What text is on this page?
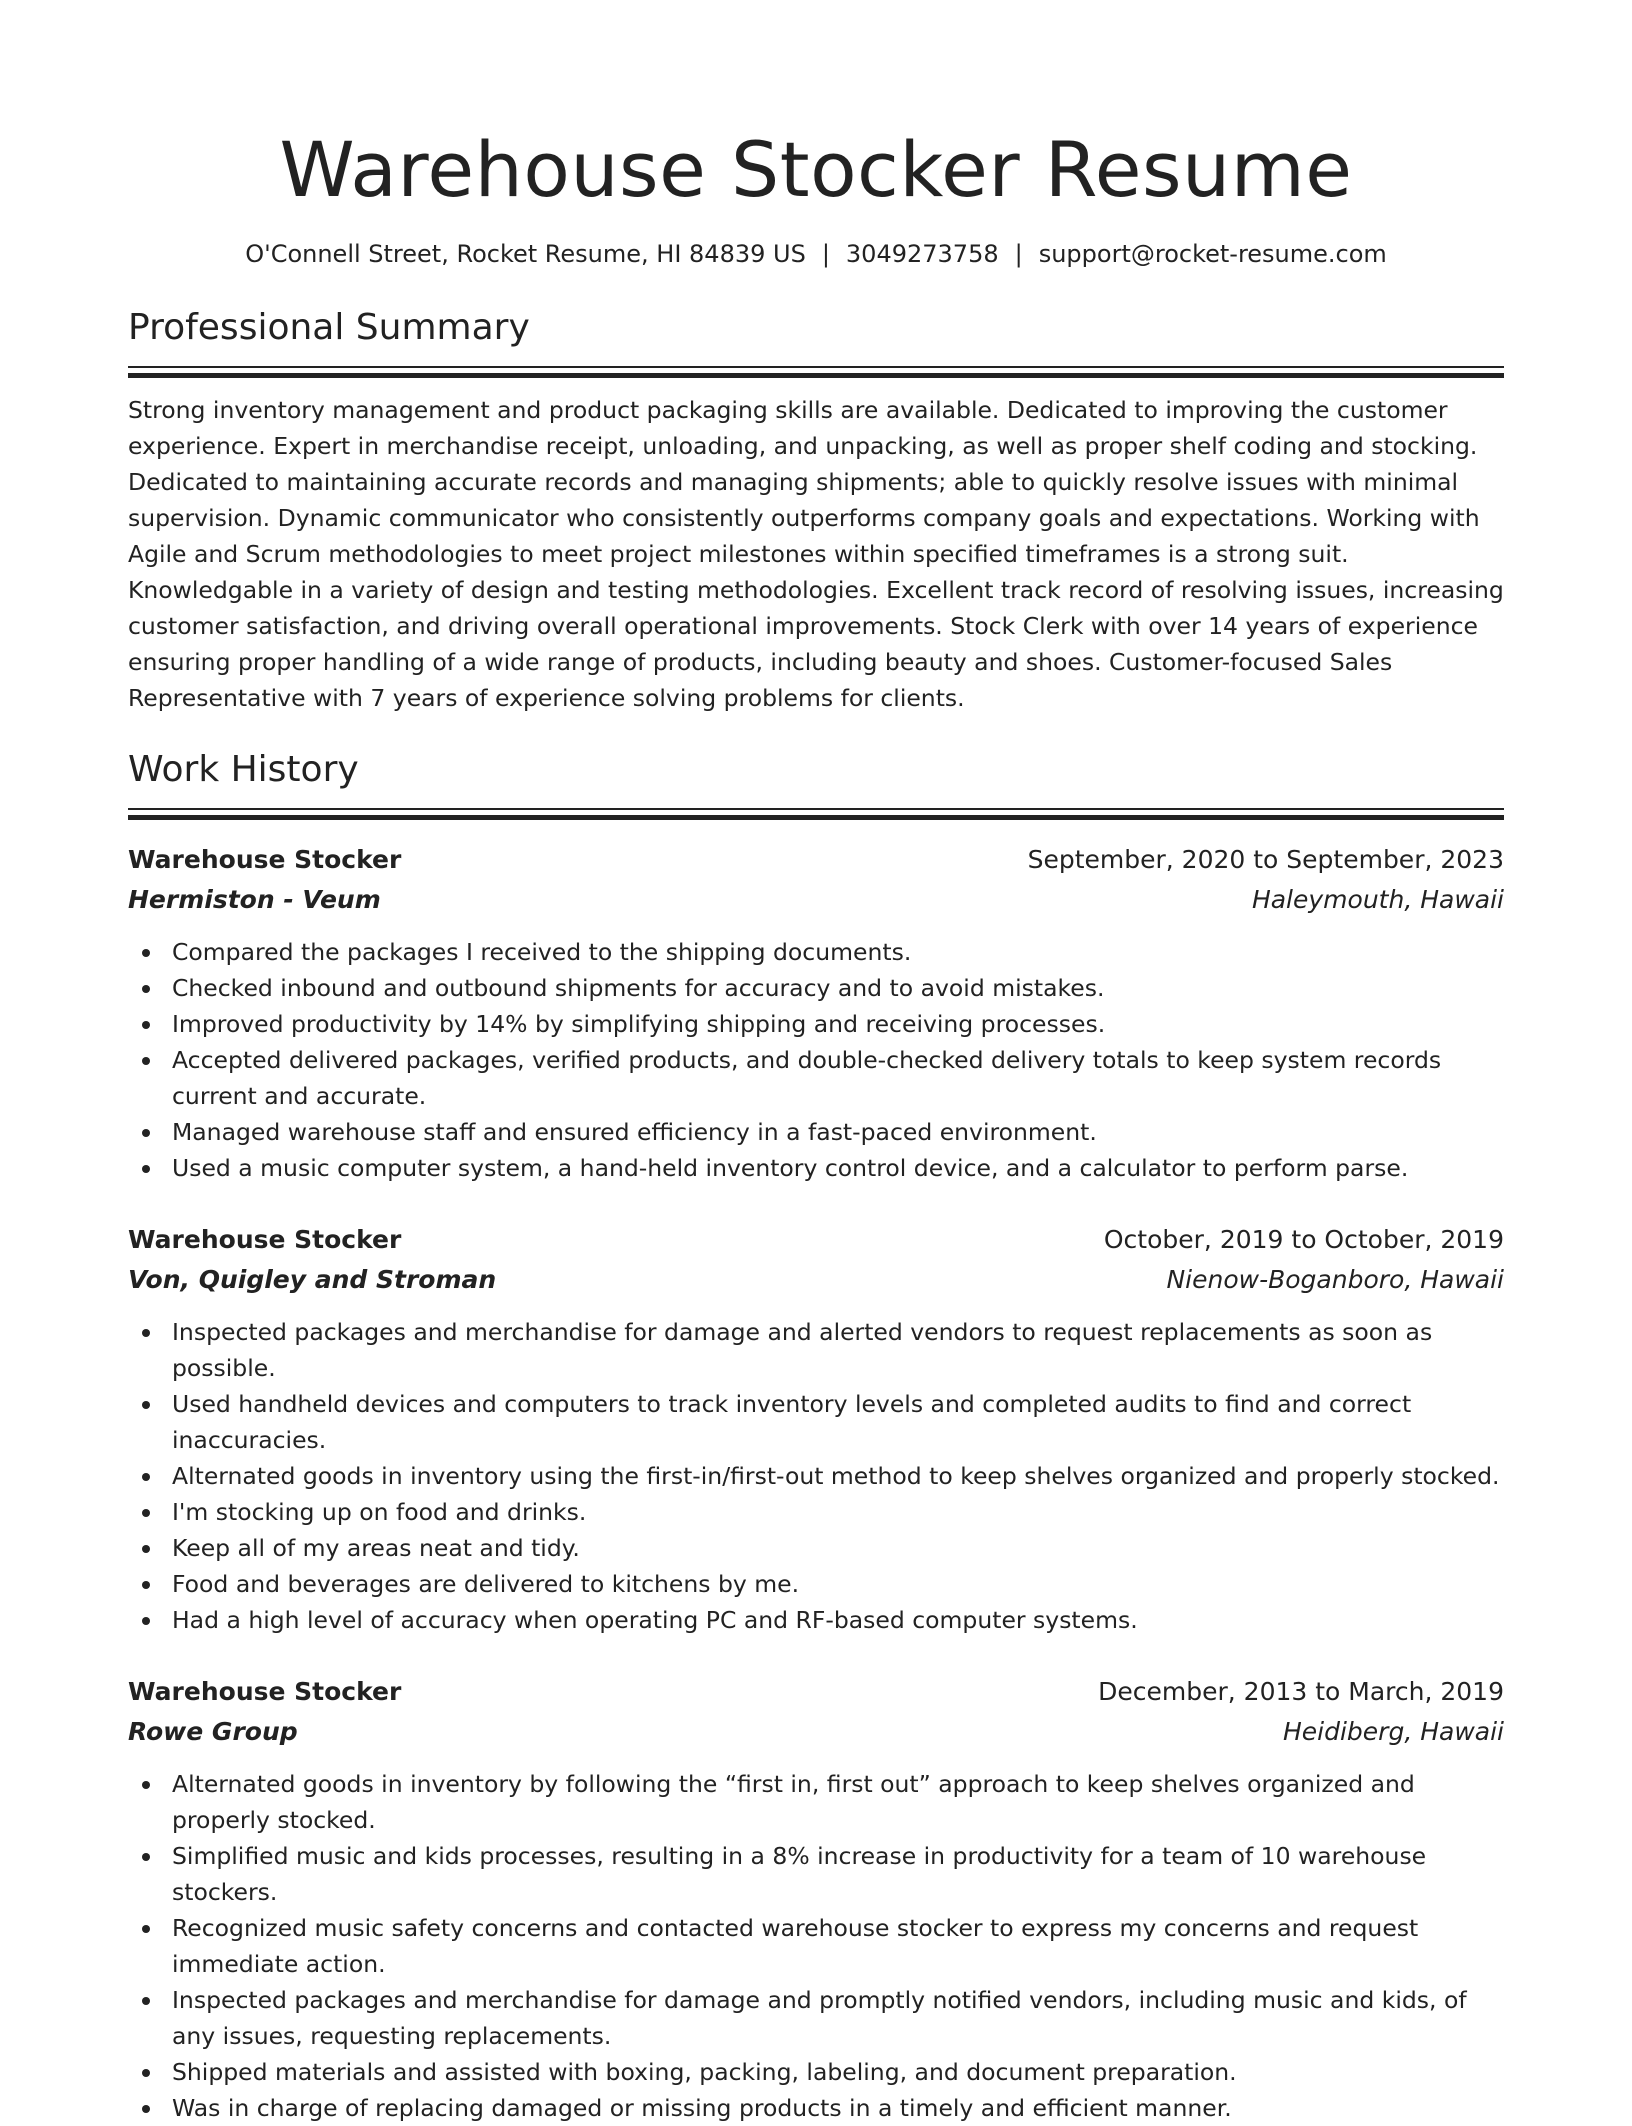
Warehouse Stocker Resume
O'Connell Street, Rocket Resume, HI 84839 US | 3049273758 | support@rocket-resume.com
Professional Summary
Strong inventory management and product packaging skills are available. Dedicated to improving the customer experience. Expert in merchandise receipt, unloading, and unpacking, as well as proper shelf coding and stocking. Dedicated to maintaining accurate records and managing shipments; able to quickly resolve issues with minimal supervision. Dynamic communicator who consistently outperforms company goals and expectations. Working with Agile and Scrum methodologies to meet project milestones within specified timeframes is a strong suit. Knowledgable in a variety of design and testing methodologies. Excellent track record of resolving issues, increasing customer satisfaction, and driving overall operational improvements. Stock Clerk with over 14 years of experience ensuring proper handling of a wide range of products, including beauty and shoes. Customer-focused Sales Representative with 7 years of experience solving problems for clients.
Work History
Warehouse Stocker	September, 2020 to September, 2023
Hermiston - Veum	Haleymouth, Hawaii
Compared the packages I received to the shipping documents.
Checked inbound and outbound shipments for accuracy and to avoid mistakes.
Improved productivity by 14% by simplifying shipping and receiving processes.
Accepted delivered packages, verified products, and double-checked delivery totals to keep system records current and accurate.
Managed warehouse staff and ensured efficiency in a fast-paced environment.
Used a music computer system, a hand-held inventory control device, and a calculator to perform parse.
Warehouse Stocker	October, 2019 to October, 2019
Von, Quigley and Stroman	Nienow-Boganboro, Hawaii
Inspected packages and merchandise for damage and alerted vendors to request replacements as soon as possible.
Used handheld devices and computers to track inventory levels and completed audits to find and correct inaccuracies.
Alternated goods in inventory using the first-in/first-out method to keep shelves organized and properly stocked.
I'm stocking up on food and drinks.
Keep all of my areas neat and tidy.
Food and beverages are delivered to kitchens by me.
Had a high level of accuracy when operating PC and RF-based computer systems.
Warehouse Stocker	December, 2013 to March, 2019
Rowe Group	Heidiberg, Hawaii
Alternated goods in inventory by following the “first in, first out” approach to keep shelves organized and properly stocked.
Simplified music and kids processes, resulting in a 8% increase in productivity for a team of 10 warehouse stockers.
Recognized music safety concerns and contacted warehouse stocker to express my concerns and request immediate action.
Inspected packages and merchandise for damage and promptly notified vendors, including music and kids, of any issues, requesting replacements.
Shipped materials and assisted with boxing, packing, labeling, and document preparation.
Was in charge of replacing damaged or missing products in a timely and efficient manner.
